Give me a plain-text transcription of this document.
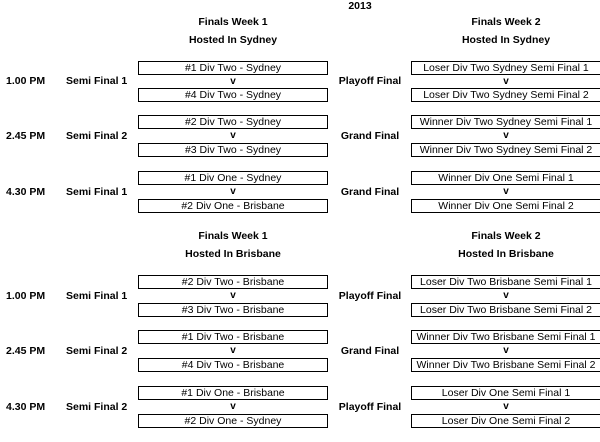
2013
Finals Week 1
Hosted In Sydney
Finals Week 2
Hosted In Sydney
1.00 PM Semi Final 1
#1 Div Two - Sydney
v
#4 Div Two - Sydney
Playoff Final
Loser Div Two Sydney Semi Final 1
v
Loser Div Two Sydney Semi Final 2
2.45 PM Semi Final 2
#2 Div Two - Sydney
v
#3 Div Two - Sydney
Grand Final
Winner Div Two Sydney Semi Final 1
v
Winner Div Two Sydney Semi Final 2
4.30 PM Semi Final 1
#1 Div One - Sydney
v
#2 Div One - Brisbane
Grand Final
Winner Div One Semi Final 1
v
Winner Div One Semi Final 2
Finals Week 1
Hosted In Brisbane
Finals Week 2
Hosted In Brisbane
1.00 PM Semi Final 1
#2 Div Two - Brisbane
v
#3 Div Two - Brisbane
Playoff Final
Loser Div Two Brisbane Semi Final 1
v
Loser Div Two Brisbane Semi Final 2
2.45 PM Semi Final 2
#1 Div Two - Brisbane
v
#4 Div Two - Brisbane
Grand Final
Winner Div Two Brisbane Semi Final 1
v
Winner Div Two Brisbane Semi Final 2
4.30 PM Semi Final 2
#1 Div One - Brisbane
v
#2 Div One - Sydney
Playoff Final
Loser Div One Semi Final 1
v
Loser Div One Semi Final 2
